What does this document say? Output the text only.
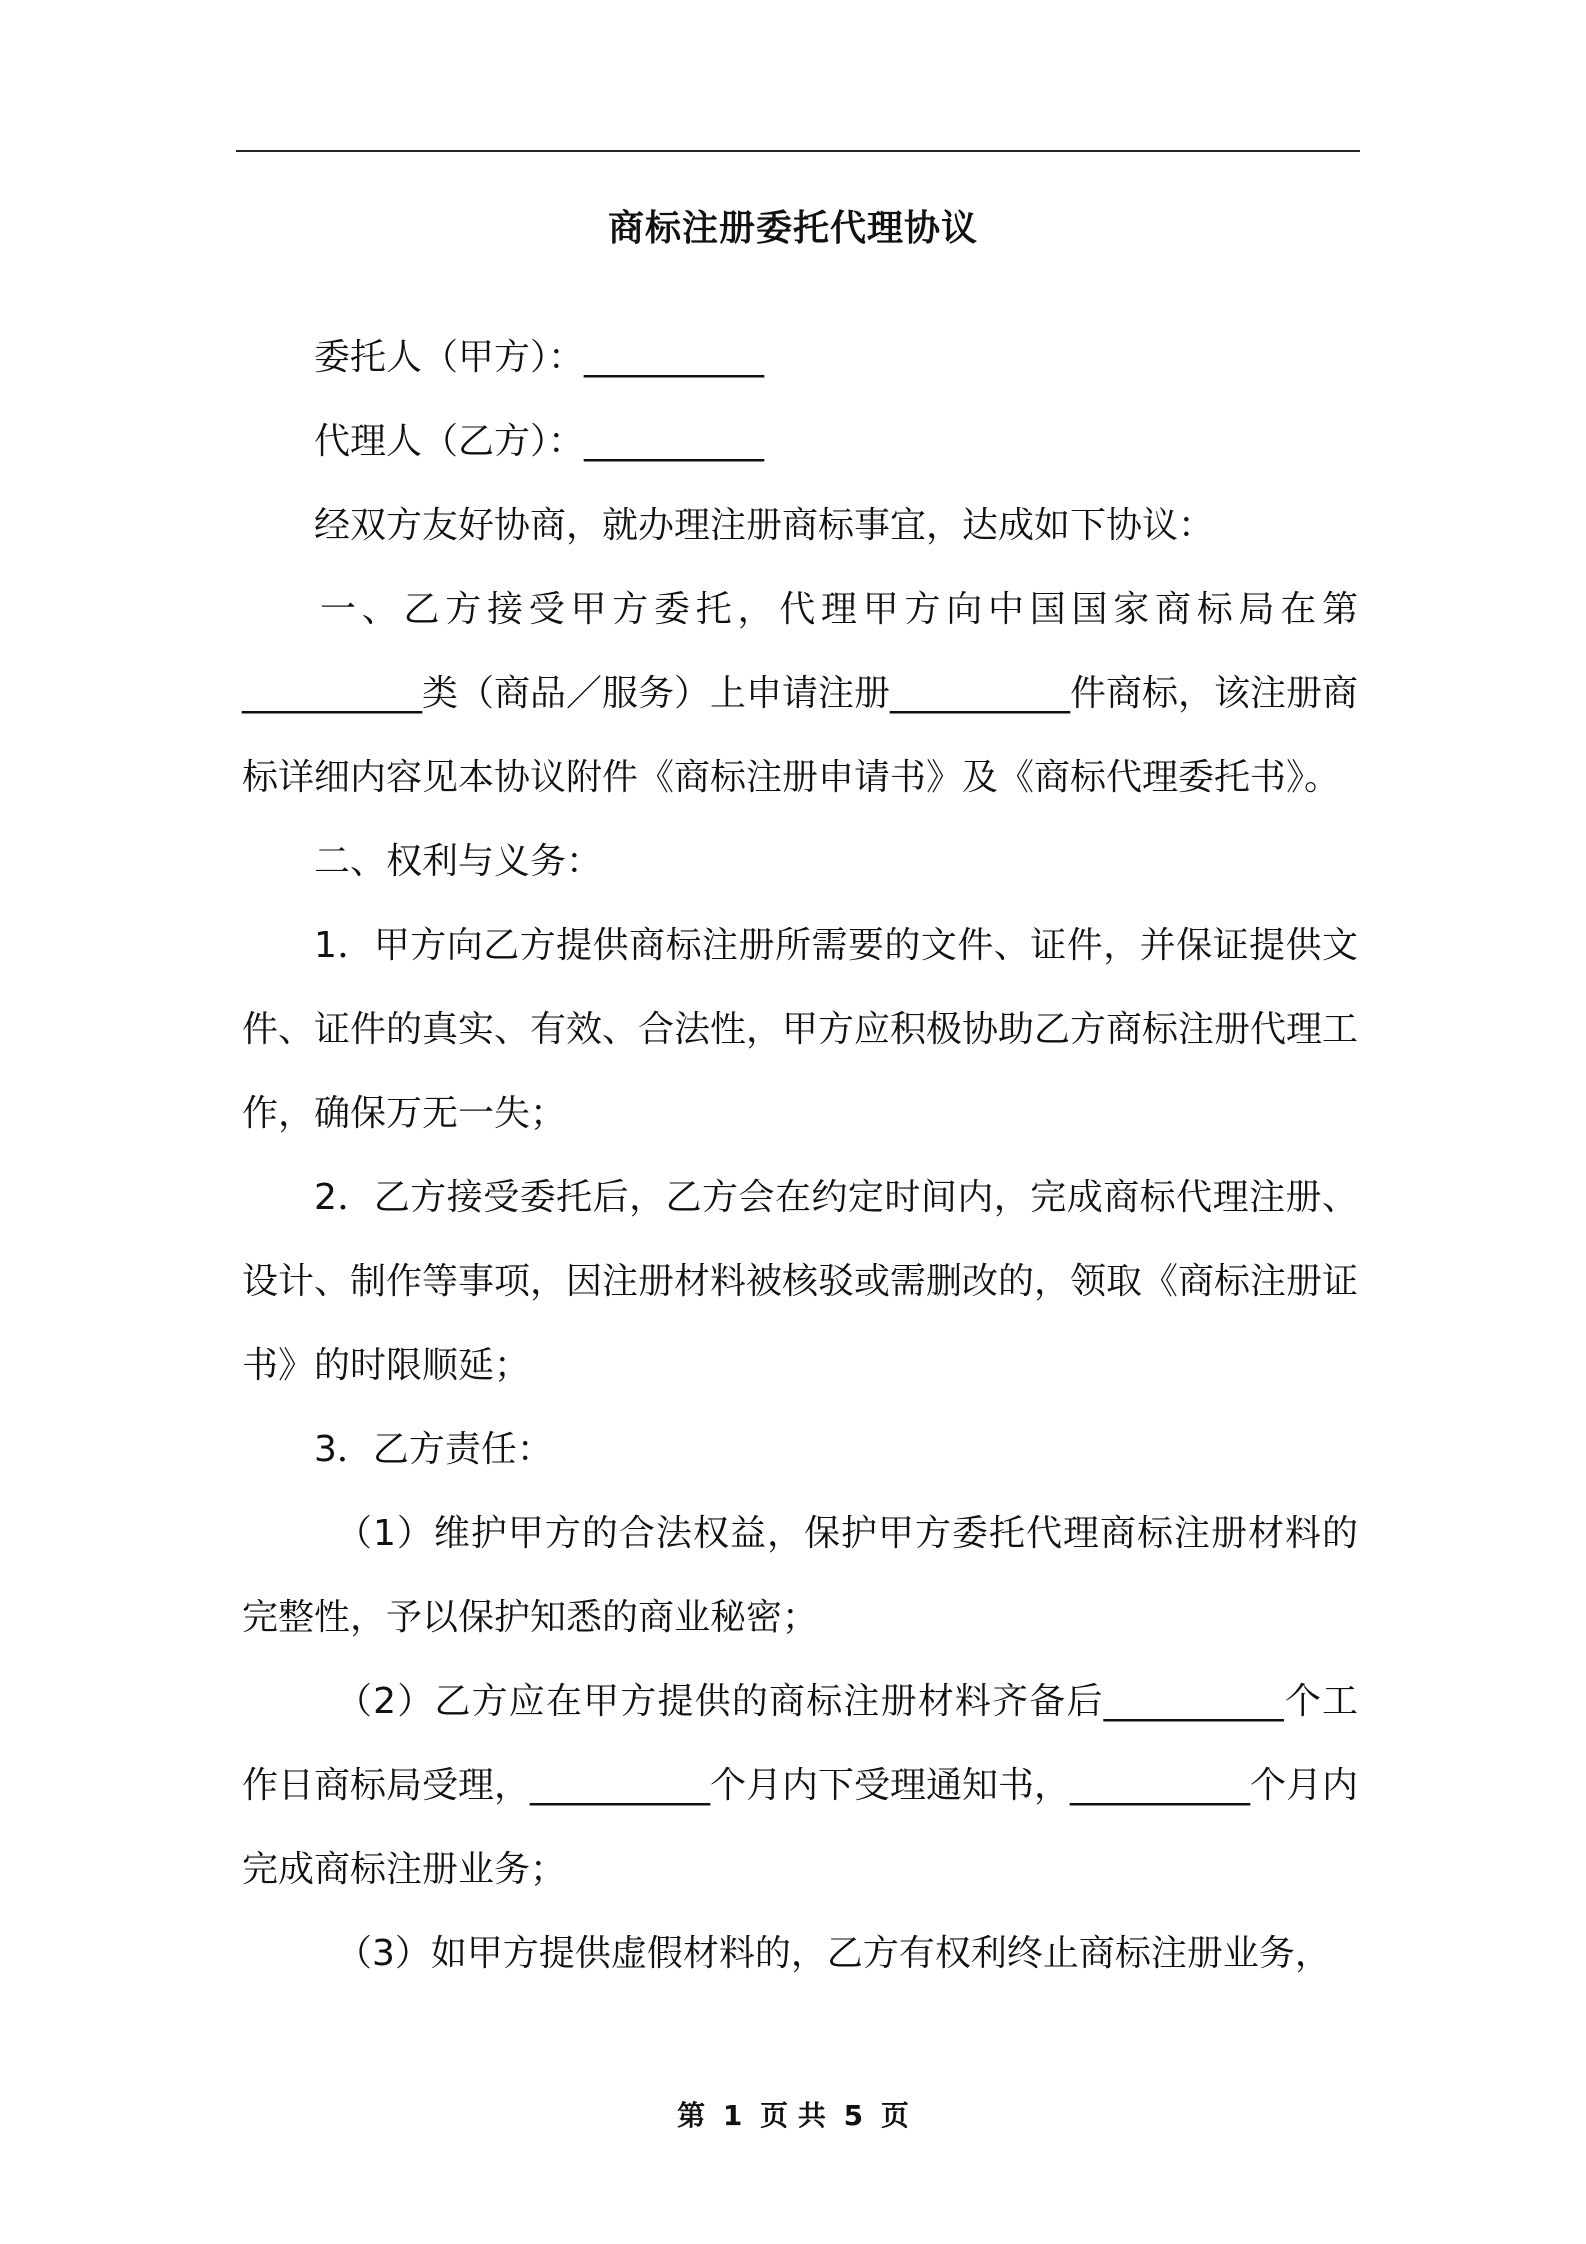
商标注册委托代理协议

委托人（甲方）：__________

代理人（乙方）：__________

经双方友好协商，就办理注册商标事宜，达成如下协议：

一、乙方接受甲方委托，代理甲方向中国国家商标局在第__________类（商品／服务）上申请注册__________件商标，该注册商标详细内容见本协议附件《商标注册申请书》及《商标代理委托书》。

二、权利与义务：

1．甲方向乙方提供商标注册所需要的文件、证件，并保证提供文件、证件的真实、有效、合法性，甲方应积极协助乙方商标注册代理工作，确保万无一失；

2．乙方接受委托后，乙方会在约定时间内，完成商标代理注册、设计、制作等事项，因注册材料被核驳或需删改的，领取《商标注册证书》的时限顺延；

3．乙方责任：

（1）维护甲方的合法权益，保护甲方委托代理商标注册材料的完整性，予以保护知悉的商业秘密；

（2）乙方应在甲方提供的商标注册材料齐备后__________个工作日商标局受理，__________个月内下受理通知书，__________个月内完成商标注册业务；

（3）如甲方提供虚假材料的，乙方有权利终止商标注册业务，

第 1 页 共 5 页
